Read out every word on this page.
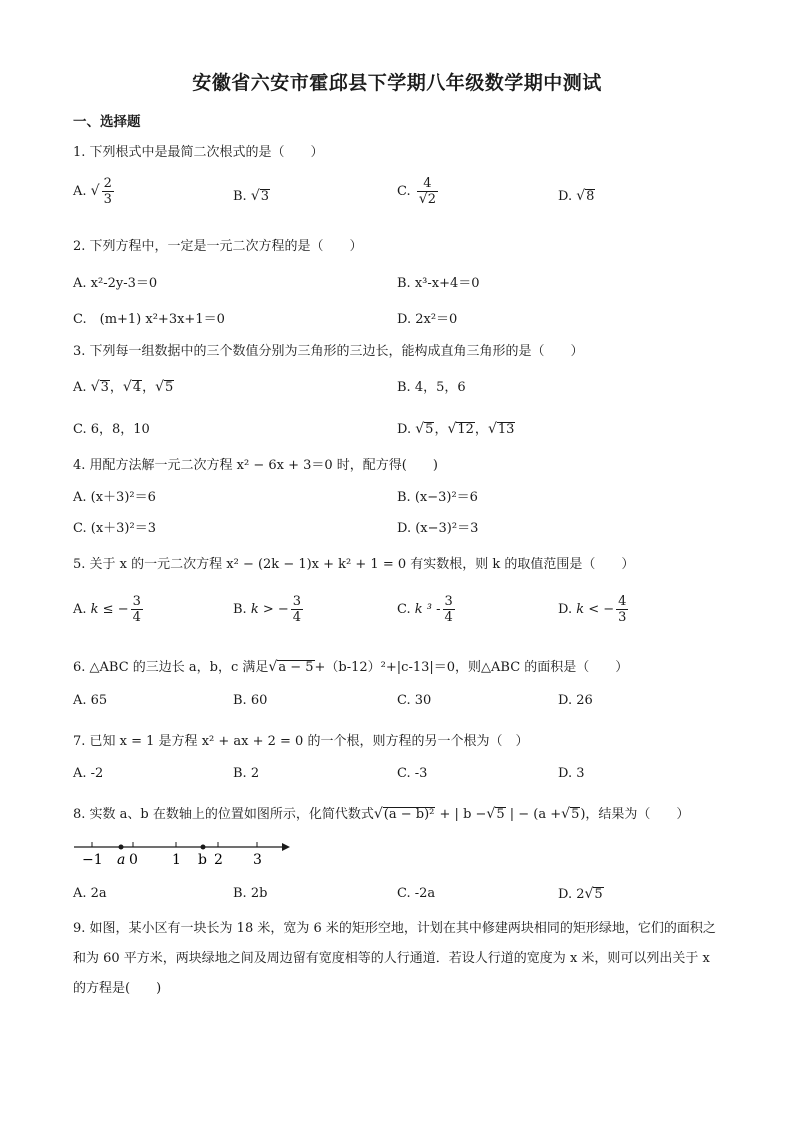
安徽省六安市霍邱县下学期八年级数学期中测试
一、选择题
1. 下列根式中是最简二次根式的是（　　）
A. √ $\frac{2}{3}$	B. √3	C. $\frac{4}{√2}$	D. √8
2. 下列方程中，一定是一元二次方程的是（　　）
A. x²-2y-3＝0	B. x³-x+4＝0
C.　(m+1) x²+3x+1＝0	D. 2x²＝0
3. 下列每一组数据中的三个数值分别为三角形的三边长，能构成直角三角形的是（　　）
A. √3，√4，√5	B. 4，5，6
C. 6，8，10	D. √5，√12，√13
4. 用配方法解一元二次方程 x² − 6x + 3＝0 时，配方得(　　)
A. (x＋3)²＝6	B. (x−3)²＝6
C. (x＋3)²＝3	D. (x−3)²＝3
5. 关于 x 的一元二次方程 x² − (2k − 1)x + k² + 1 = 0 有实数根，则 k 的取值范围是（　　）
A. k ≤ − $\frac{3}{4}$	B. k > − $\frac{3}{4}$	C. k $^3 - \frac{3}{4}$	D. k < − $\frac{4}{3}$
6. △ABC 的三边长 a，b，c 满足√a − 5+（b-12）²+|c-13|＝0，则△ABC 的面积是（　　）
A. 65	B. 60	C. 30	D. 26
7. 已知 x = 1 是方程 x² + ax + 2 = 0 的一个根，则方程的另一个根为（　）
A. -2	B. 2	C. -3	D. 3
8. 实数 a、b 在数轴上的位置如图所示，化简代数式√(a − b)² + | b −√5 | − (a +√5)，结果为（　　）
−1 a 0 1 b 2 3
A. 2a	B. 2b	C. -2a	D. 2√5
9. 如图，某小区有一块长为 18 米，宽为 6 米的矩形空地，计划在其中修建两块相同的矩形绿地，它们的面积之和为 60 平方米，两块绿地之间及周边留有宽度相等的人行通道．若设人行道的宽度为 x 米，则可以列出关于 x 的方程是(　　)
